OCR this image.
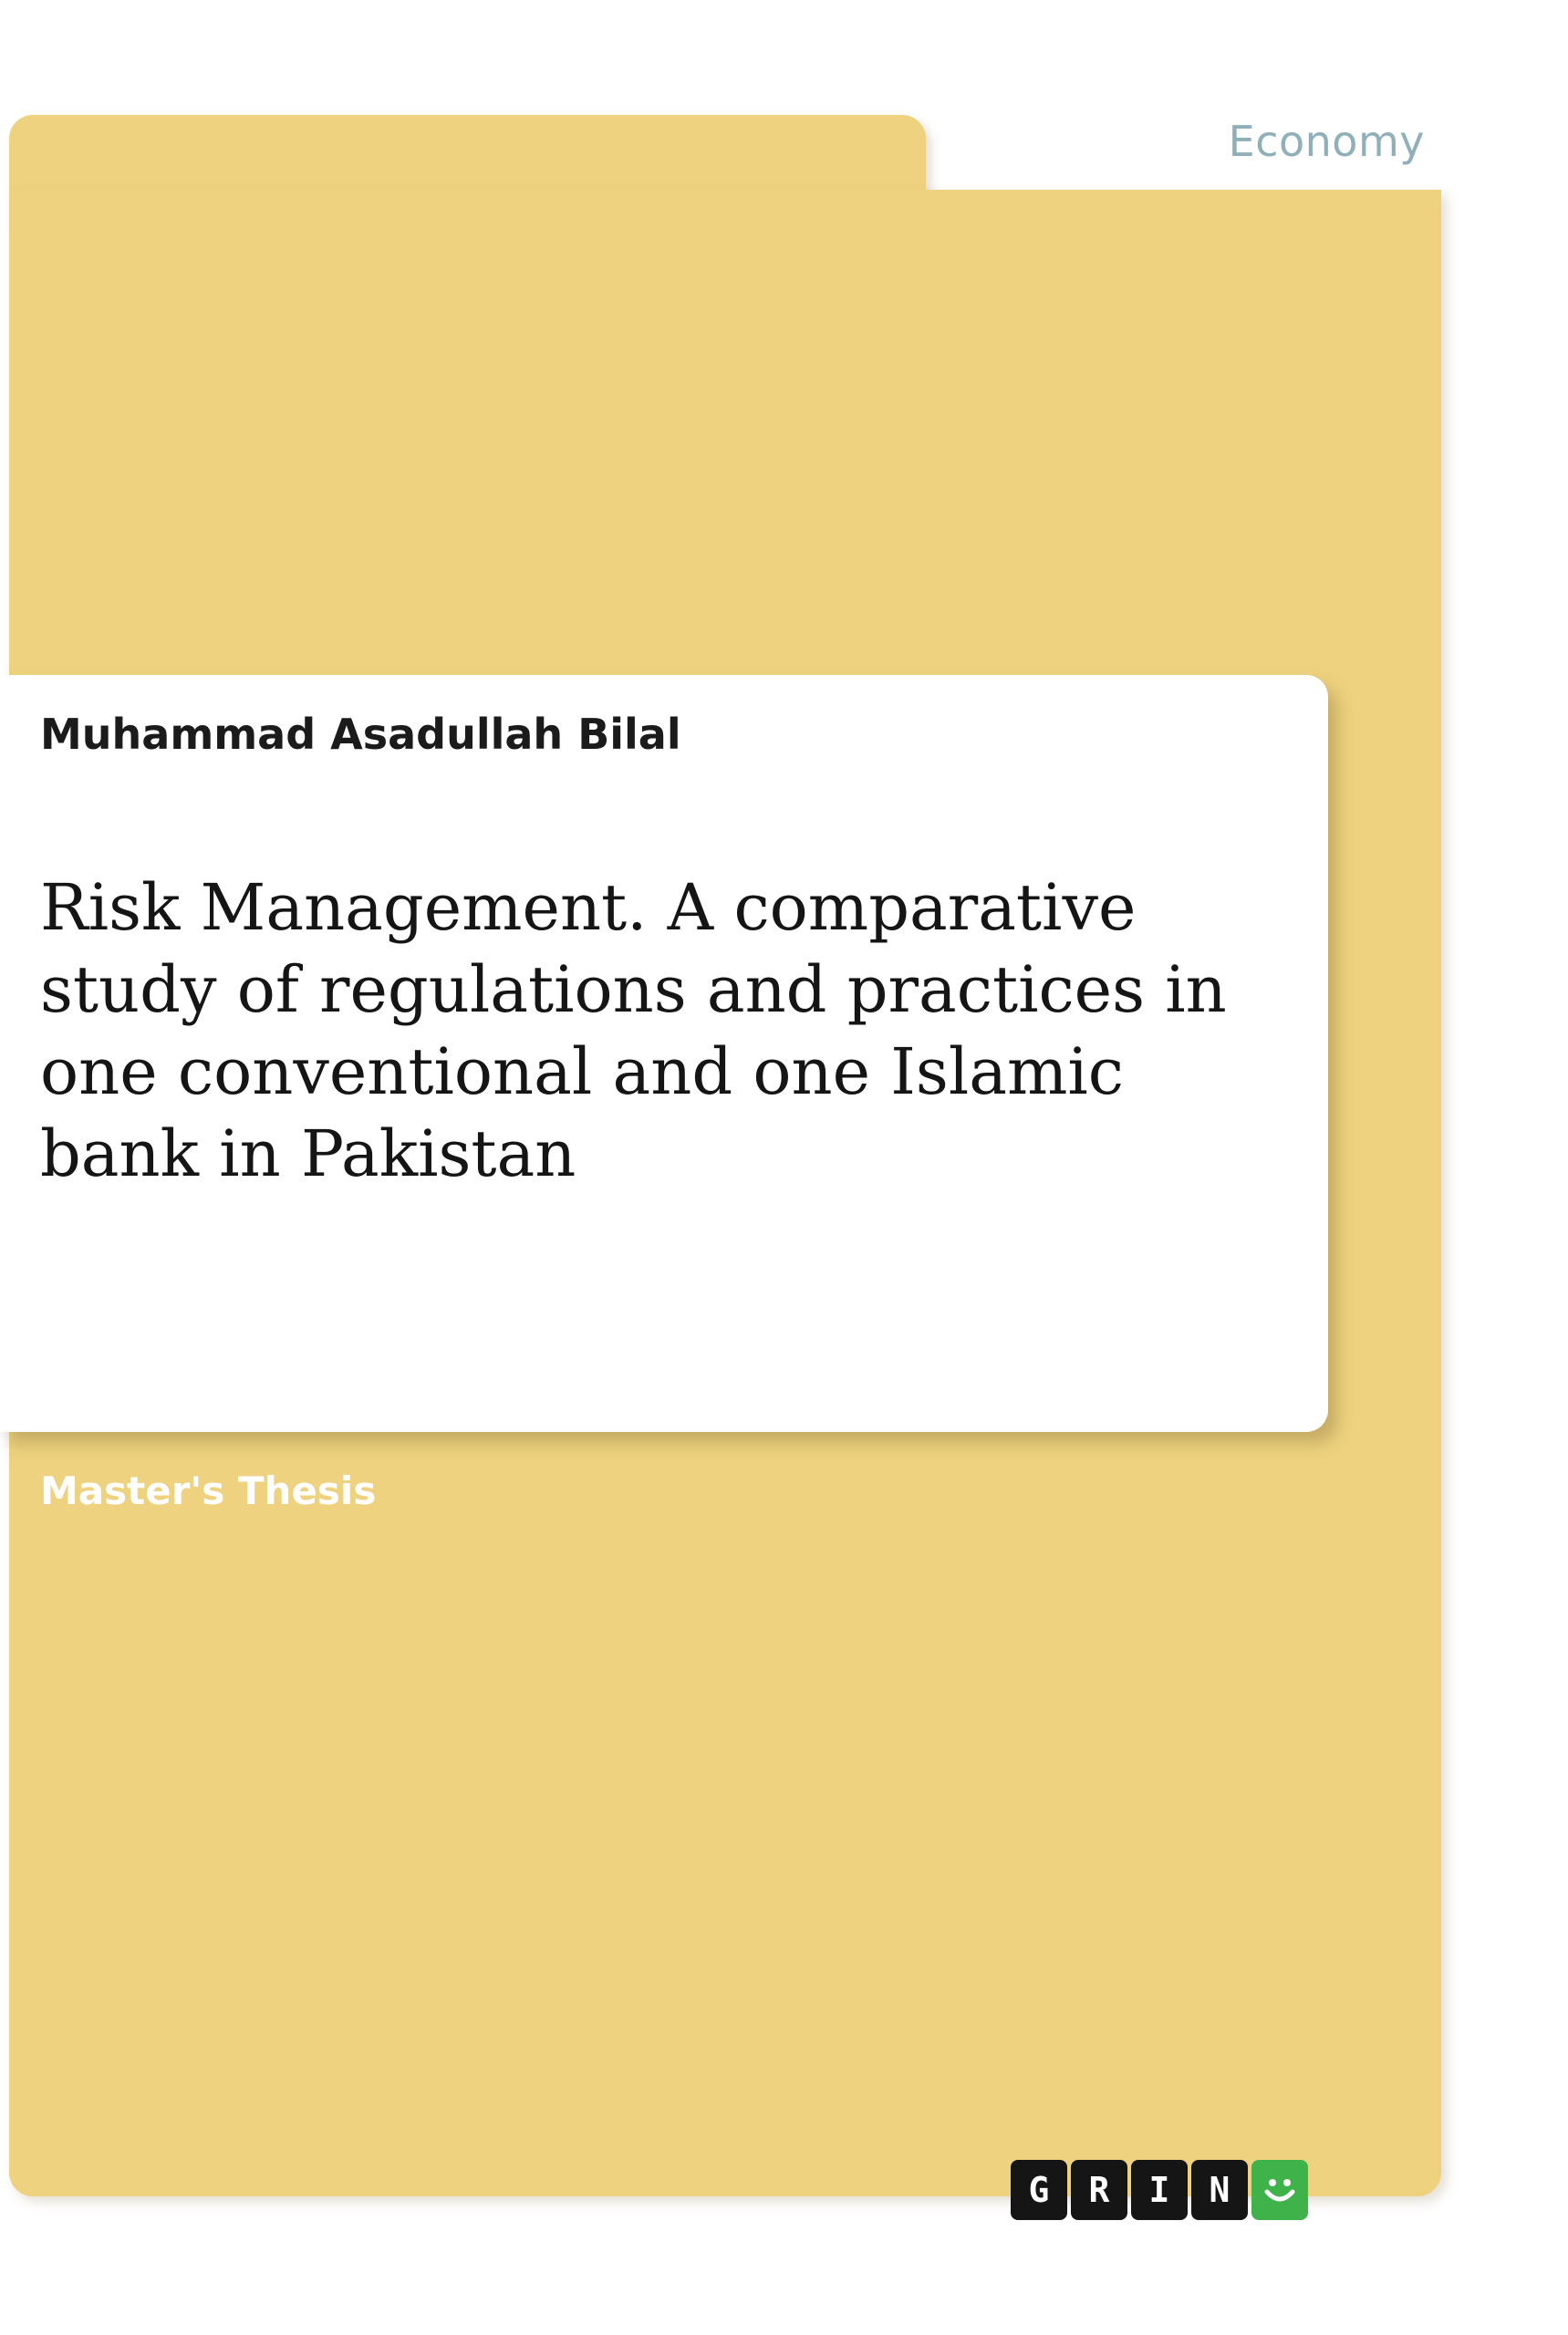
Economy
Muhammad Asadullah Bilal
Risk Management. A comparative study of regulations and practices in one conventional and one Islamic bank in Pakistan
Master's Thesis
G	R	I	N
